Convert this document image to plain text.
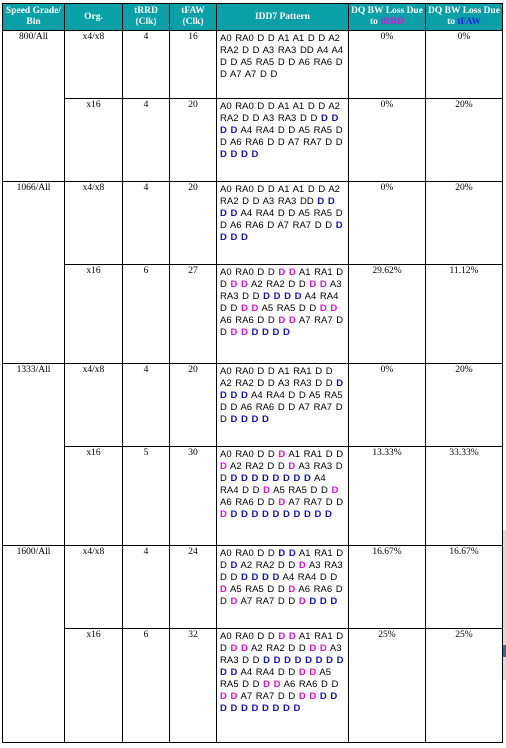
Speed Grade/ Bin	Org.	tRRD (Clk)	tFAW (Clk)	IDD7 Pattern	DQ BW Loss Due to tRRD	DQ BW Loss Due to tFAW
800/All	x4/x8	4	16	A0 RA0 D D A1 A1 D D A2 RA2 D D A3 RA3 DD A4 A4 D D A5 RA5 D D A6 RA6 D D A7 A7 D D	0%	0%
	x16	4	20	A0 RA0 D D A1 A1 D D A2 RA2 D D A3 RA3 D D D D D D A4 RA4 D D A5 RA5 D D A6 RA6 D D A7 RA7 D D D D D D	0%	20%
1066/All	x4/x8	4	20	A0 RA0 D D A1 A1 D D A2 RA2 D D A3 RA3 DD D D D D A4 RA4 D D A5 RA5 D D A6 RA6 D A7 RA7 D D D D D D	0%	20%
	x16	6	27	A0 RA0 D D D D A1 RA1 D D D D A2 RA2 D D D D A3 RA3 D D D D D D A4 RA4 D D D D A5 RA5 D D D D A6 RA6 D D D D A7 RA7 D D D D D D D D	29.62%	11.12%
1333/All	x4/x8	4	20	A0 RA0 D D A1 RA1 D D A2 RA2 D D A3 RA3 D D D D D D A4 RA4 D D A5 RA5 D D A6 RA6 D D A7 RA7 D D D D D D	0%	20%
	x16	5	30	A0 RA0 D D D A1 RA1 D D D A2 RA2 D D D A3 RA3 D D D D D D D D D D A4 RA4 D D D A5 RA5 D D D A6 RA6 D D D A7 RA7 D D D D D D D D D D D D D	13.33%	33.33%
1600/All	x4/x8	4	24	A0 RA0 D D D D A1 RA1 D D D A2 RA2 D D D A3 RA3 D D D D D D A4 RA4 D D D A5 RA5 D D D A6 RA6 D D D A7 RA7 D D D D D D	16.67%	16.67%
	x16	6	32	A0 RA0 D D D D A1 RA1 D D D D A2 RA2 D D D D A3 RA3 D D D D D D D D D D D D A4 RA4 D D D D A5 RA5 D D D D A6 RA6 D D D D A7 RA7 D D D D D D D D D D D D D D	25%	25%
